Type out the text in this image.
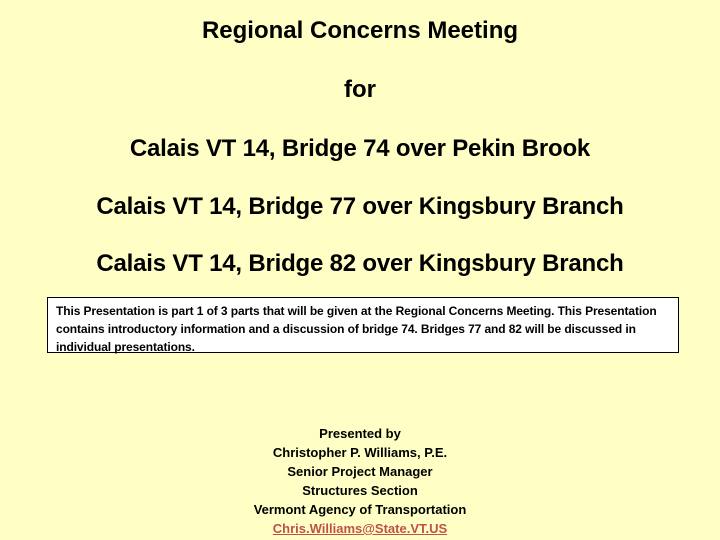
Regional Concerns Meeting
for
Calais VT 14, Bridge 74 over Pekin Brook
Calais VT 14, Bridge 77 over Kingsbury Branch
Calais VT 14, Bridge 82 over Kingsbury Branch
This Presentation is part 1 of 3 parts that will be given at the Regional Concerns Meeting. This Presentation contains introductory information and a discussion of bridge 74. Bridges 77 and 82 will be discussed in individual presentations.
Presented by
Christopher P. Williams, P.E.
Senior Project Manager
Structures Section
Vermont Agency of Transportation
Chris.Williams@State.VT.US
